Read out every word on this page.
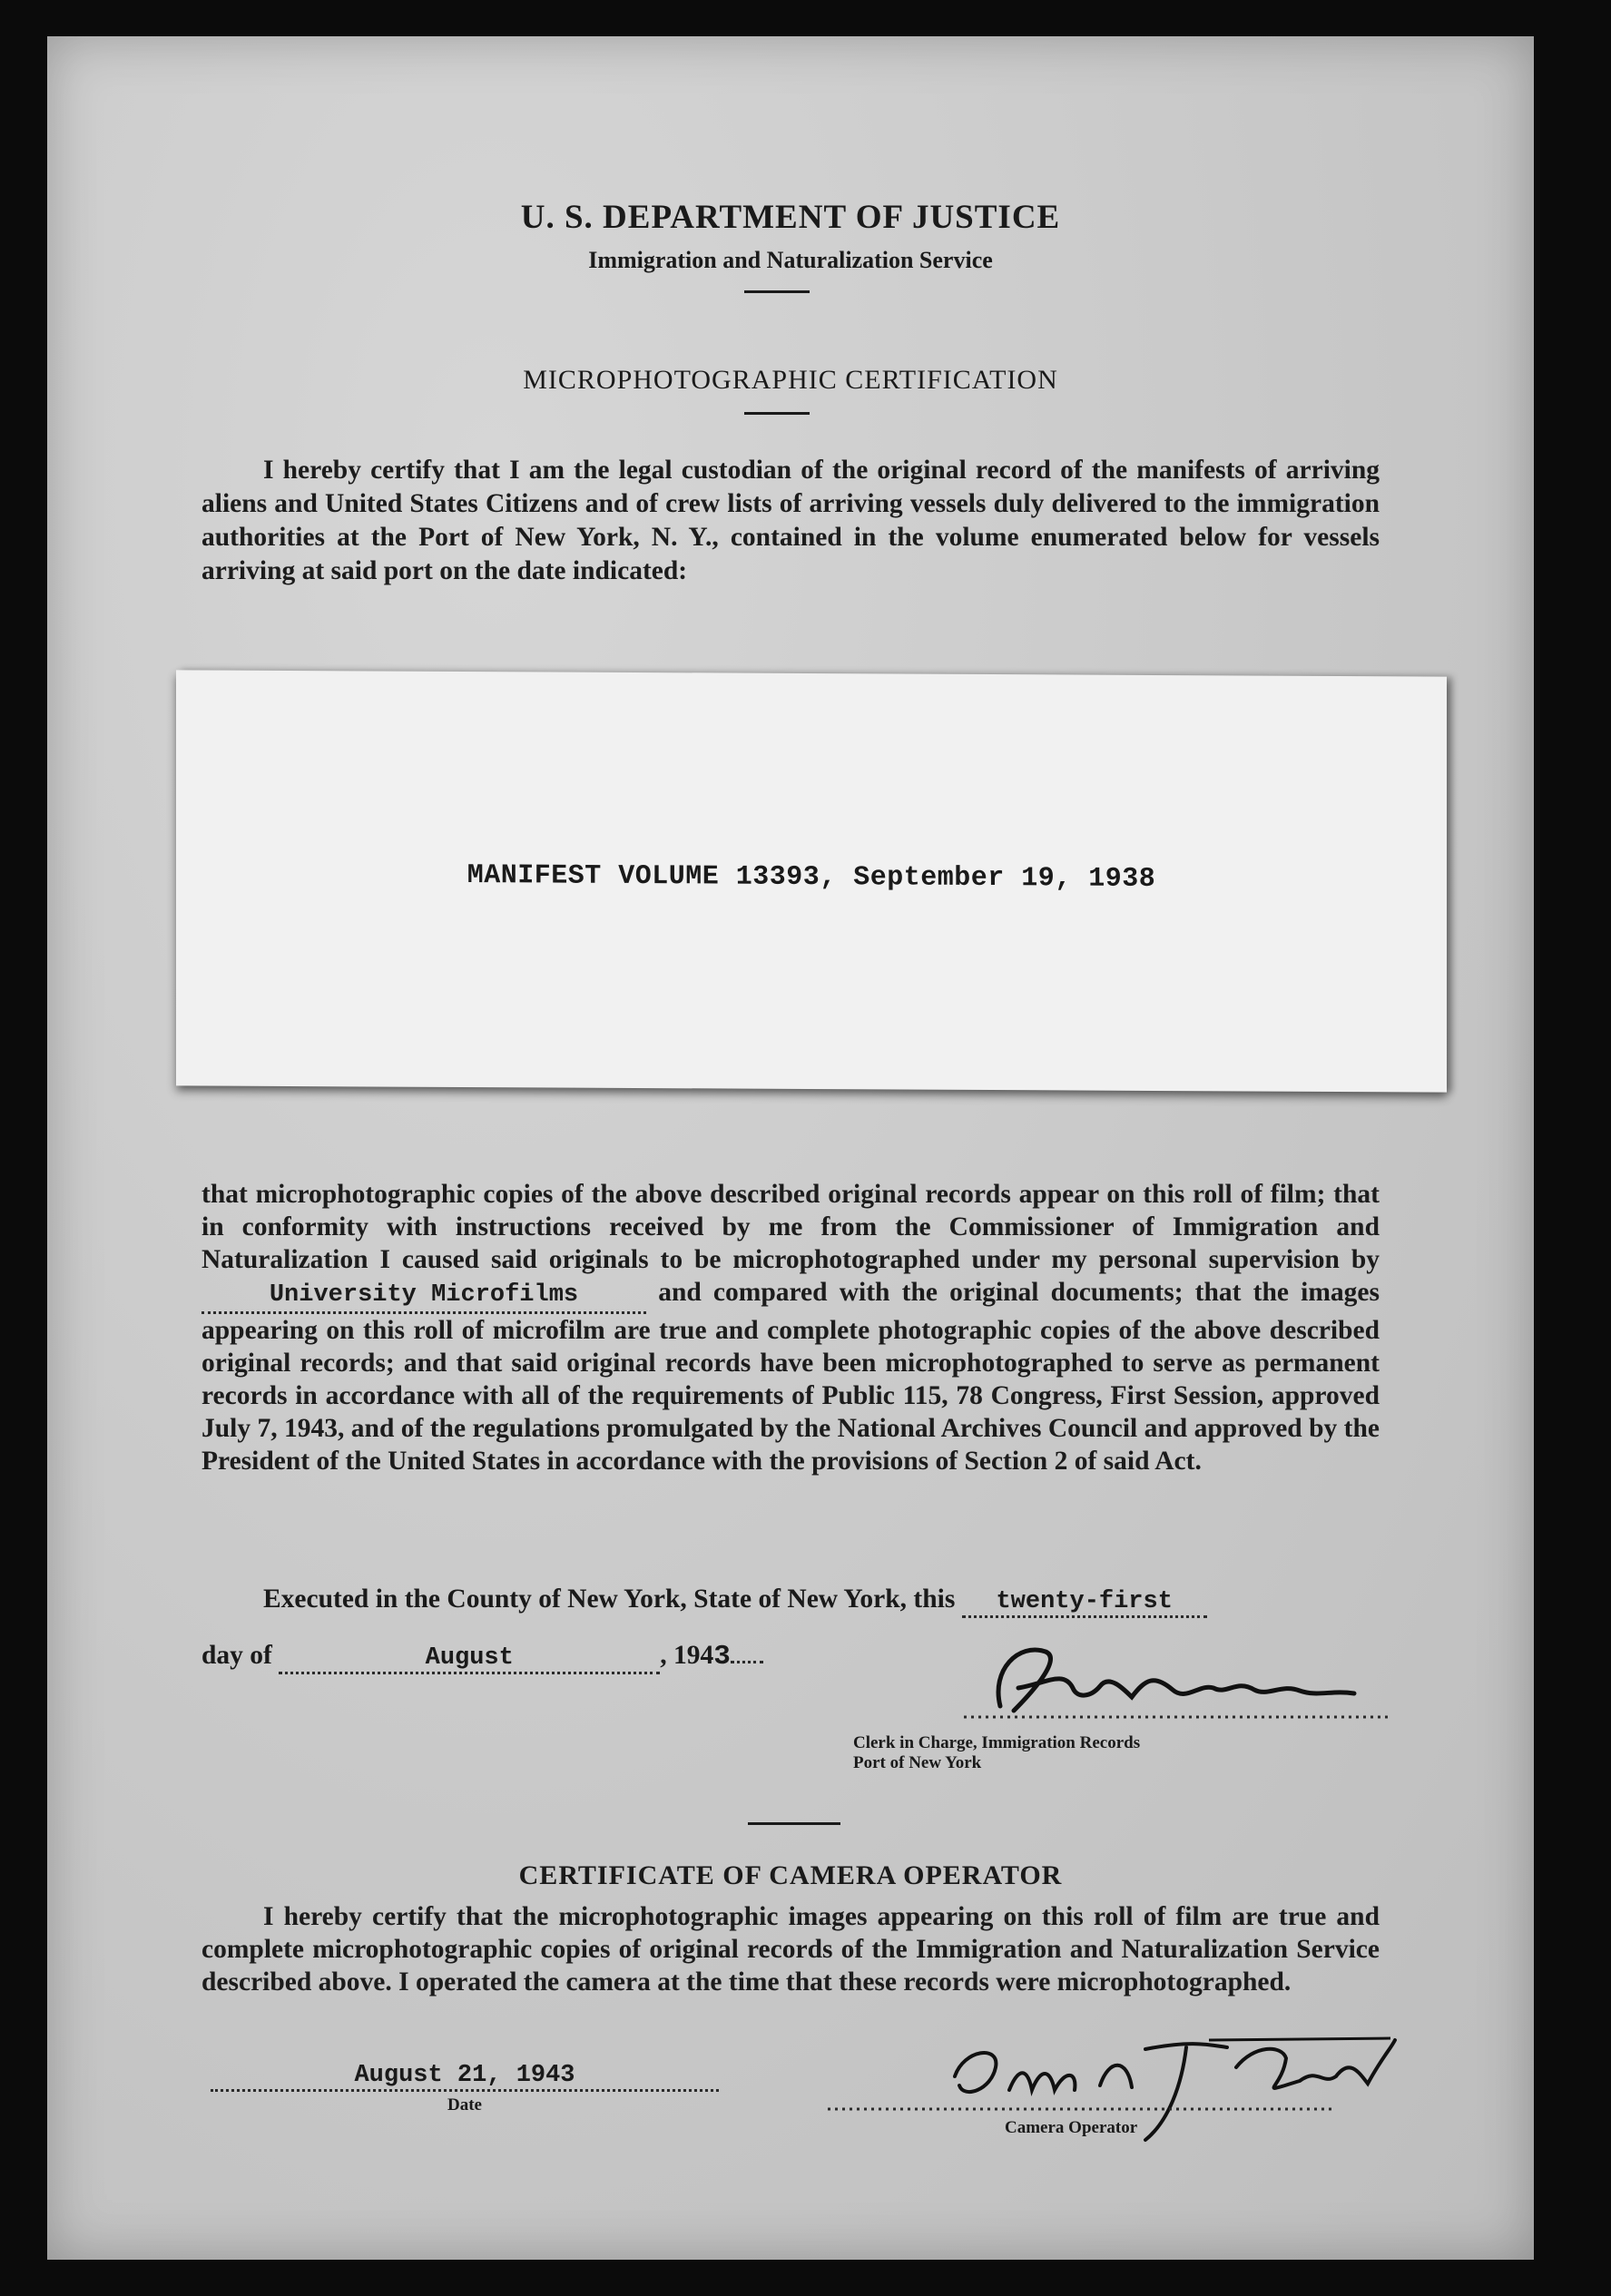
U. S. DEPARTMENT OF JUSTICE
Immigration and Naturalization Service
MICROPHOTOGRAPHIC CERTIFICATION
I hereby certify that I am the legal custodian of the original record of the manifests of arriving aliens and United States Citizens and of crew lists of arriving vessels duly delivered to the immigration authorities at the Port of New York, N. Y., contained in the volume enumerated below for vessels arriving at said port on the date indicated:
MANIFEST VOLUME 13393, September 19, 1938
that microphotographic copies of the above described original records appear on this roll of film; that in conformity with instructions received by me from the Commissioner of Immigration and Naturalization I caused said originals to be microphotographed under my personal supervision by University Microfilms	and compared with the original documents; that the images appearing on this roll of microfilm are true and complete photographic copies of the above described original records; and that said original records have been microphotographed to serve as permanent records in accordance with all of the requirements of Public 115, 78 Congress, First Session, approved July 7, 1943, and of the regulations promulgated by the National Archives Council and approved by the President of the United States in accordance with the provisions of Section 2 of said Act.
Executed in the County of New York, State of New York, this twenty-first
day of	August	, 1943
Clerk in Charge, Immigration Records
Port of New York
CERTIFICATE OF CAMERA OPERATOR
I hereby certify that the microphotographic images appearing on this roll of film are true and complete microphotographic copies of original records of the Immigration and Naturalization Service described above. I operated the camera at the time that these records were microphotographed.
August 21, 1943
Date
Camera Operator
